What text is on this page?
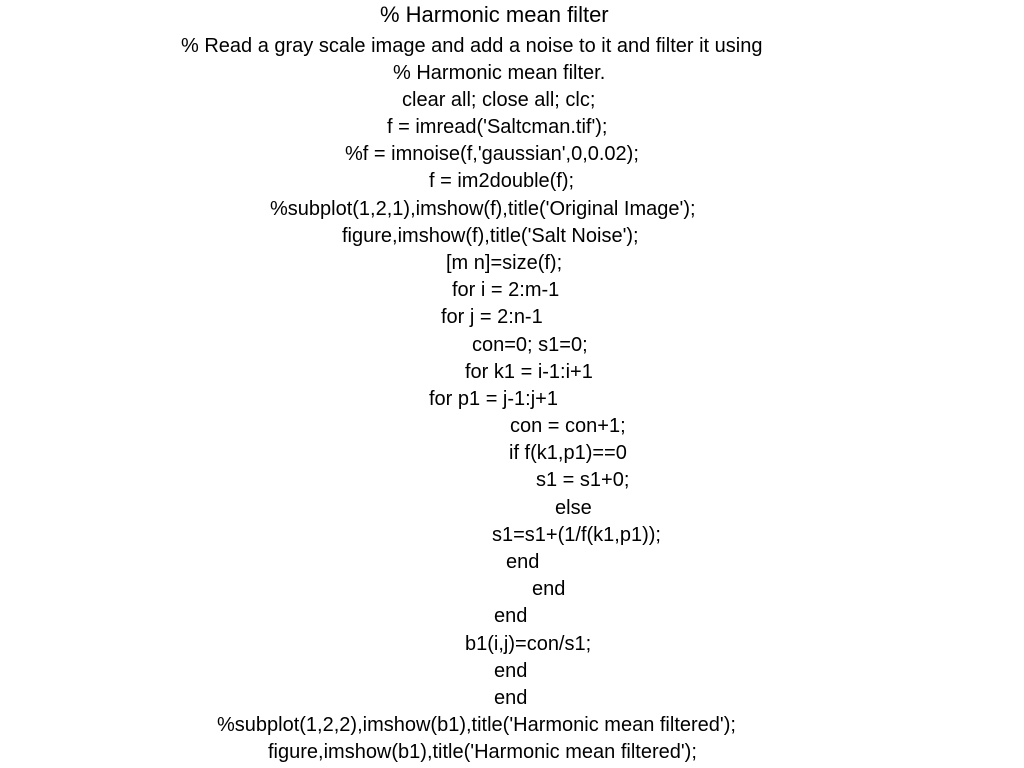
% Harmonic mean filter
% Read a gray scale image and add a noise to it and filter it using
% Harmonic mean filter.
clear all; close all; clc;
f = imread('Saltcman.tif');
%f = imnoise(f,'gaussian',0,0.02);
f = im2double(f);
%subplot(1,2,1),imshow(f),title('Original Image');
figure,imshow(f),title('Salt Noise');
[m n]=size(f);
for i = 2:m-1
for j = 2:n-1
con=0; s1=0;
for k1 = i-1:i+1
for p1 = j-1:j+1
con = con+1;
if f(k1,p1)==0
s1 = s1+0;
else
s1=s1+(1/f(k1,p1));
end
end
end
b1(i,j)=con/s1;
end
end
%subplot(1,2,2),imshow(b1),title('Harmonic mean filtered');
figure,imshow(b1),title('Harmonic mean filtered');
